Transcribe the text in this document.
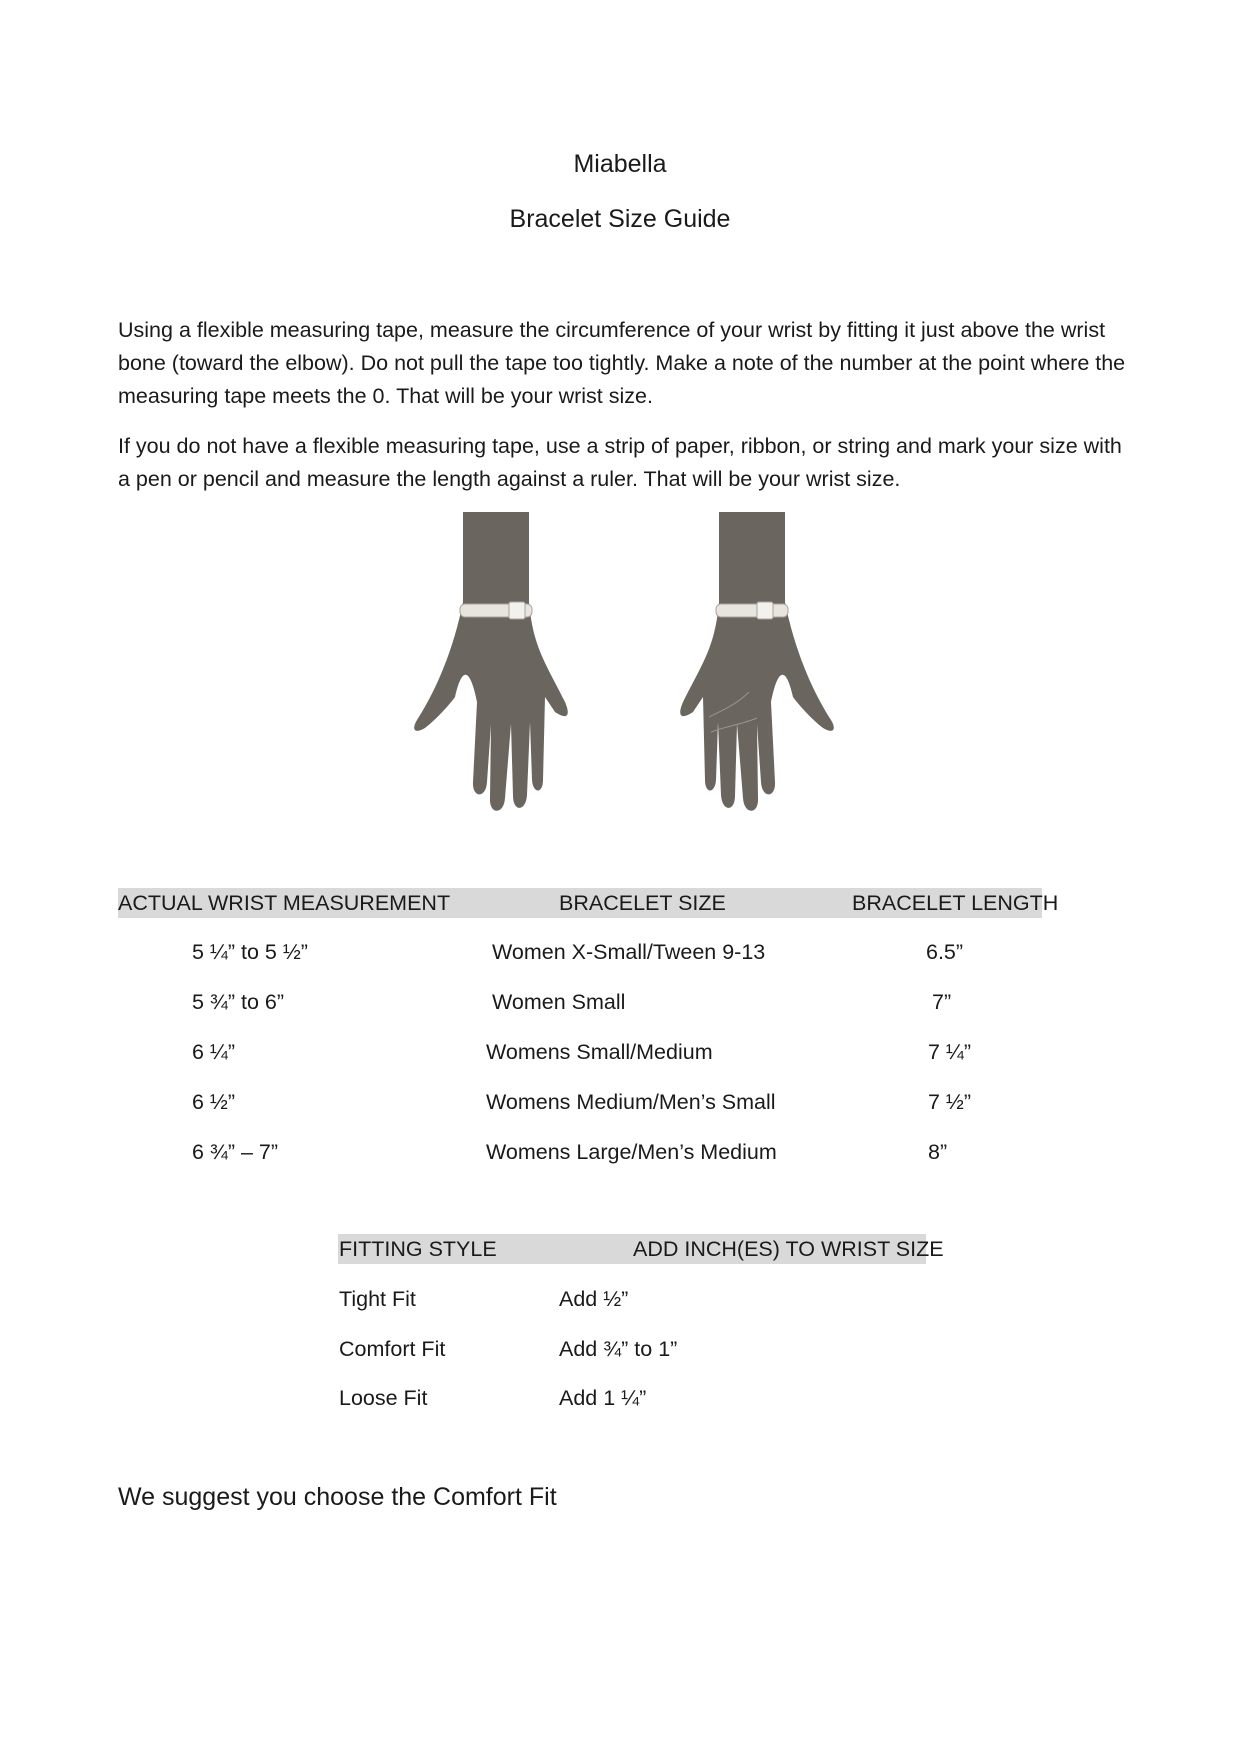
Miabella
Bracelet Size Guide
Using a flexible measuring tape, measure the circumference of your wrist by fitting it just above the wrist bone (toward the elbow). Do not pull the tape too tightly. Make a note of the number at the point where the measuring tape meets the 0. That will be your wrist size.
If you do not have a flexible measuring tape, use a strip of paper, ribbon, or string and mark your size with a pen or pencil and measure the length against a ruler. That will be your wrist size.
ACTUAL WRIST MEASUREMENT	BRACELET SIZE	BRACELET LENGTH
5 ¼” to 5 ½”	Women X-Small/Tween 9-13	6.5”
5 ¾” to 6”	Women Small	7”
6 ¼”	Womens Small/Medium	7 ¼”
6 ½”	Womens Medium/Men’s Small	7 ½”
6 ¾” – 7”	Womens Large/Men’s Medium	8”
FITTING STYLE	ADD INCH(ES) TO WRIST SIZE
Tight Fit	Add ½”
Comfort Fit	Add ¾” to 1”
Loose Fit	Add 1 ¼”
We suggest you choose the Comfort Fit
